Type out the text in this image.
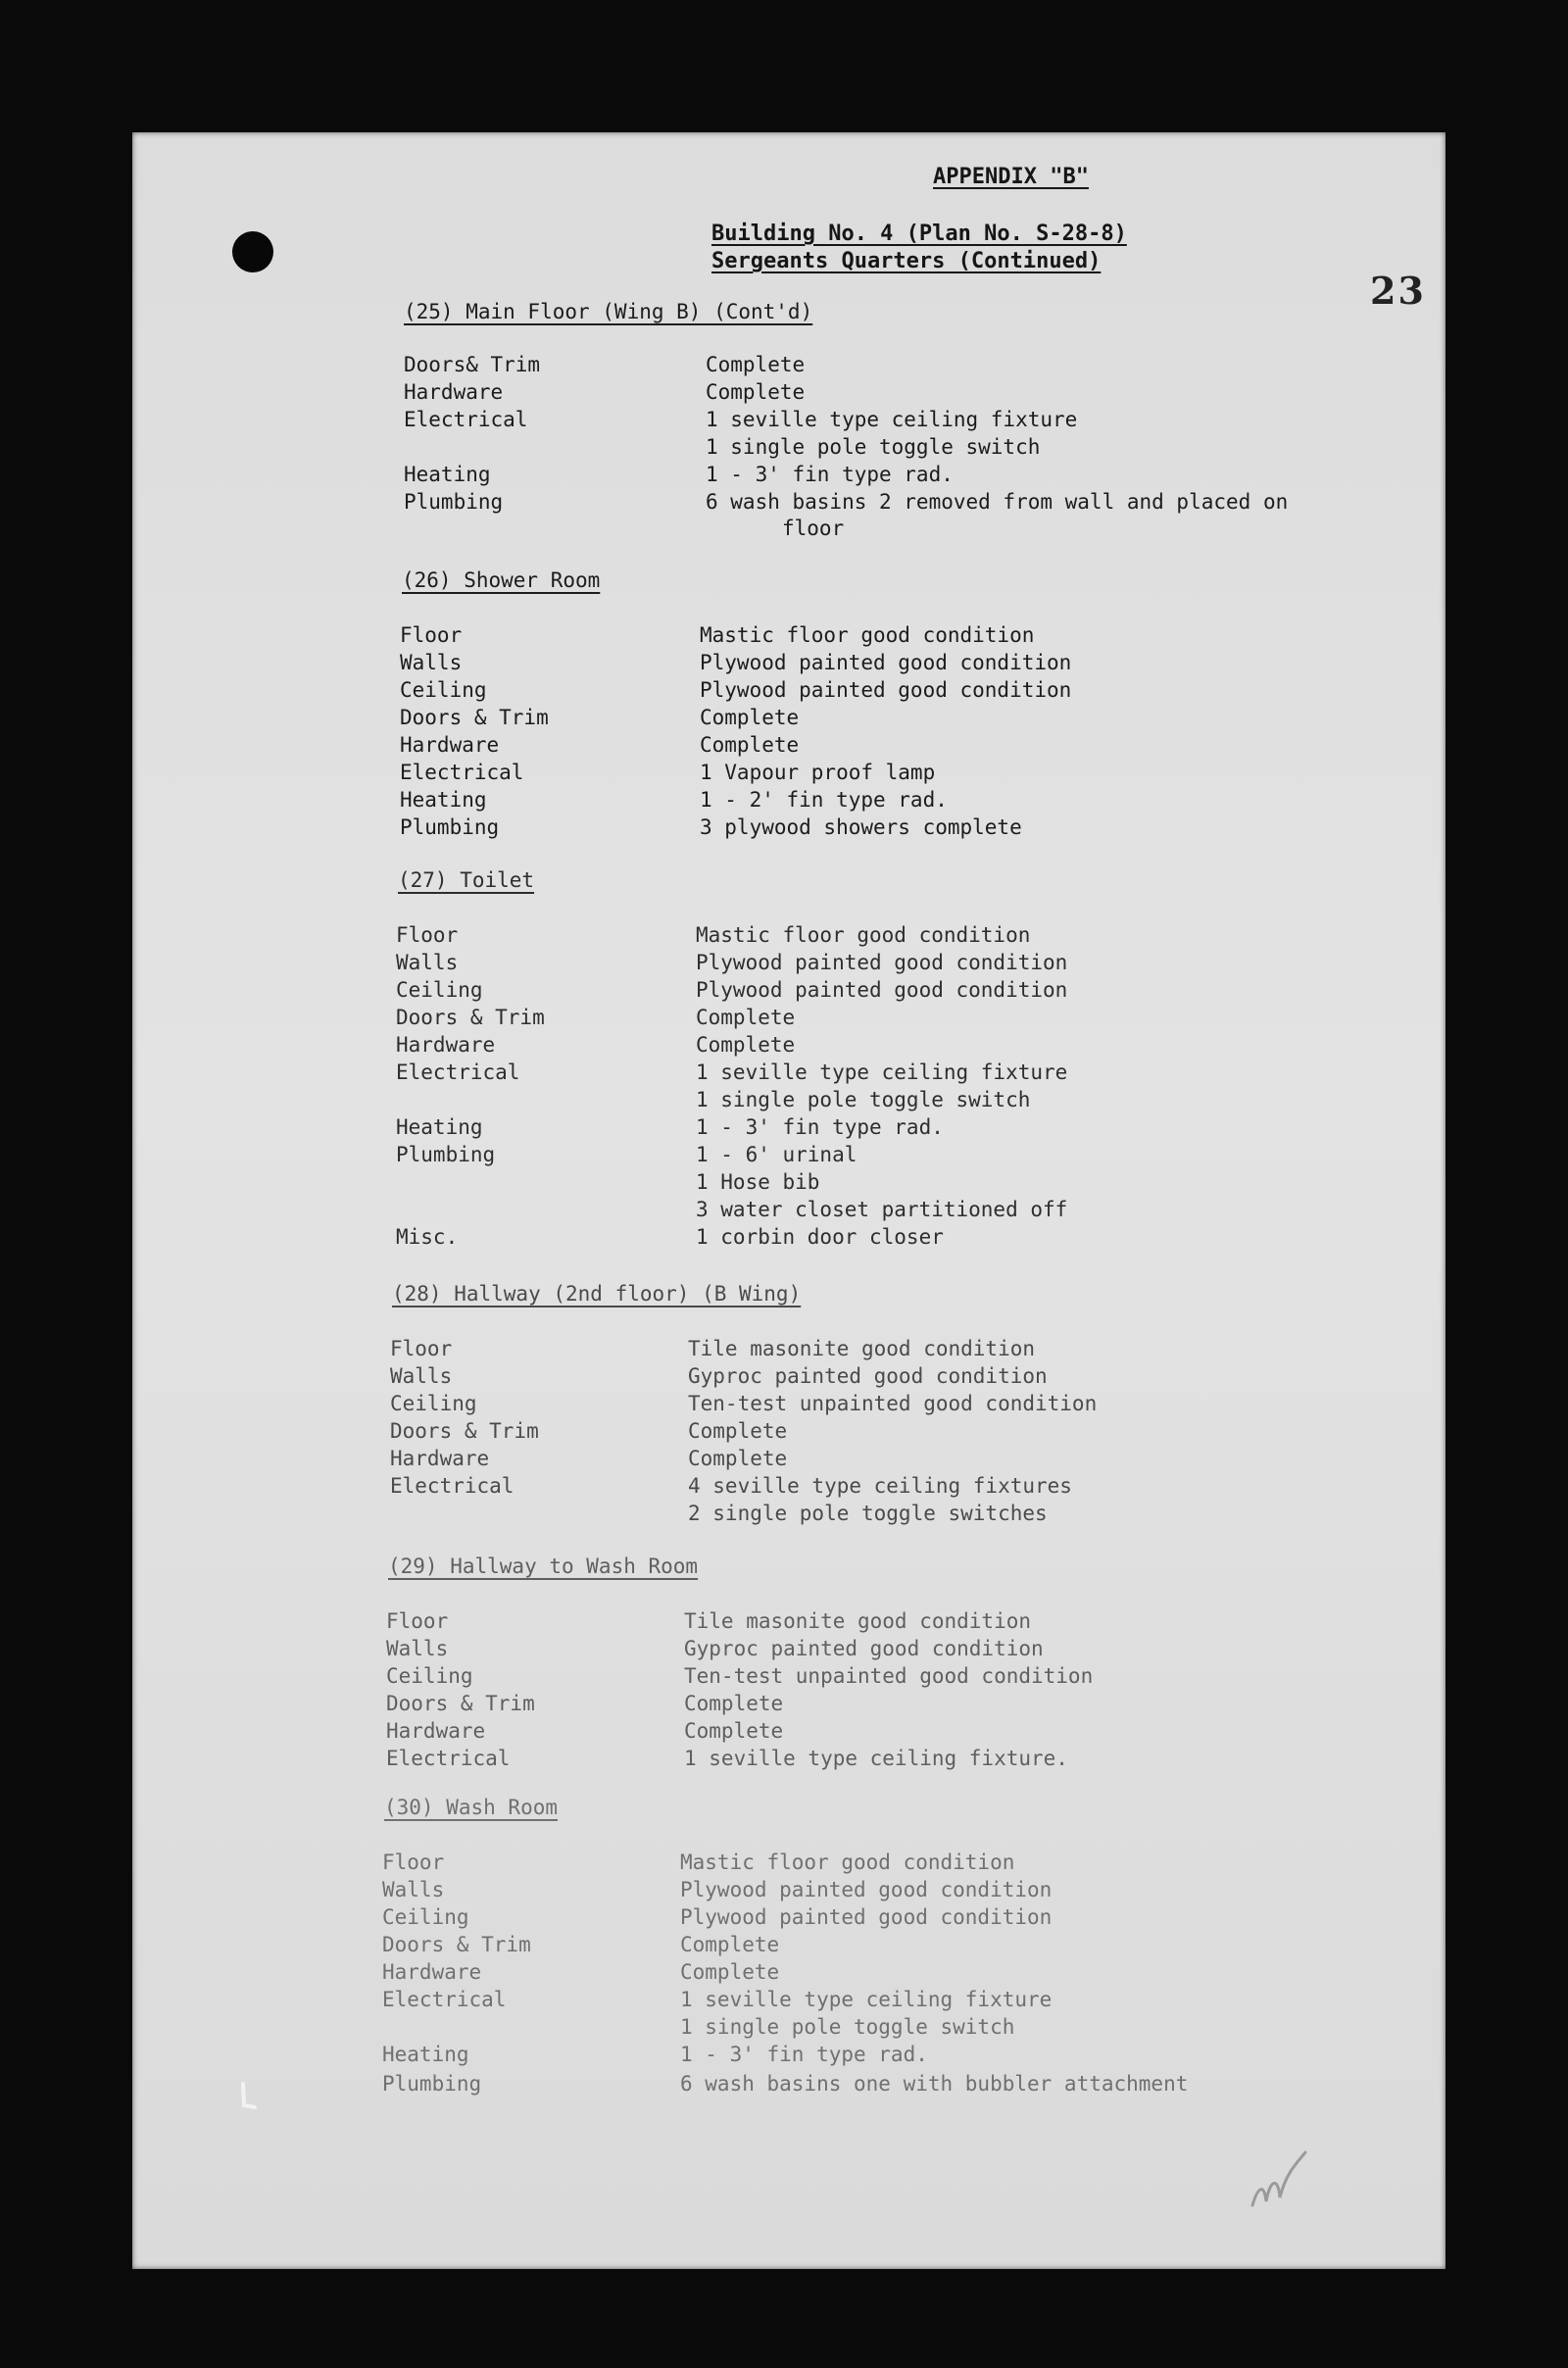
APPENDIX "B"
Building No. 4 (Plan No. S-28-8)
Sergeants Quarters (Continued)
23
(25) Main Floor (Wing B) (Cont'd)
Doors& Trim	Complete
Hardware	Complete
Electrical	1 seville type ceiling fixture
1 single pole toggle switch
Heating	1 - 3' fin type rad.
Plumbing	6 wash basins 2 removed from wall and placed on
floor
(26) Shower Room
Floor	Mastic floor good condition
Walls	Plywood painted good condition
Ceiling	Plywood painted good condition
Doors & Trim	Complete
Hardware	Complete
Electrical	1 Vapour proof lamp
Heating	1 - 2' fin type rad.
Plumbing	3 plywood showers complete
(27) Toilet
Floor	Mastic floor good condition
Walls	Plywood painted good condition
Ceiling	Plywood painted good condition
Doors & Trim	Complete
Hardware	Complete
Electrical	1 seville type ceiling fixture
1 single pole toggle switch
Heating	1 - 3' fin type rad.
Plumbing	1 - 6' urinal
1 Hose bib
3 water closet partitioned off
Misc.	1 corbin door closer
(28) Hallway (2nd floor) (B Wing)
Floor	Tile masonite good condition
Walls	Gyproc painted good condition
Ceiling	Ten-test unpainted good condition
Doors & Trim	Complete
Hardware	Complete
Electrical	4 seville type ceiling fixtures
2 single pole toggle switches
(29) Hallway to Wash Room
Floor	Tile masonite good condition
Walls	Gyproc painted good condition
Ceiling	Ten-test unpainted good condition
Doors & Trim	Complete
Hardware	Complete
Electrical	1 seville type ceiling fixture.
(30) Wash Room
Floor	Mastic floor good condition
Walls	Plywood painted good condition
Ceiling	Plywood painted good condition
Doors & Trim	Complete
Hardware	Complete
Electrical	1 seville type ceiling fixture
1 single pole toggle switch
Heating	1 - 3' fin type rad.
Plumbing	6 wash basins one with bubbler attachment
